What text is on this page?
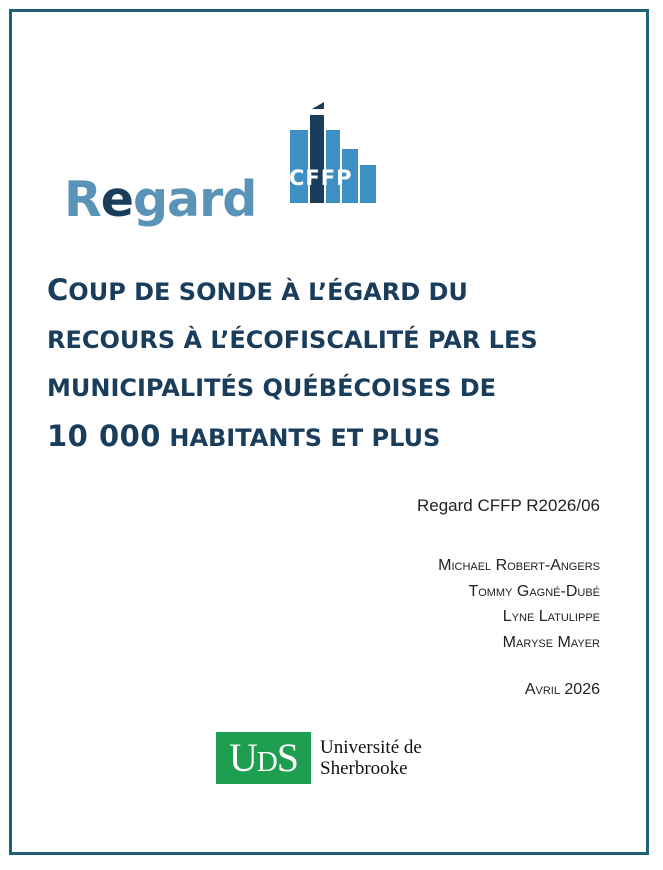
CFFP
Regard
COUP DE SONDE À L’ÉGARD DU
RECOURS À L’ÉCOFISCALITÉ PAR LES
MUNICIPALITÉS QUÉBÉCOISES DE
10 000 HABITANTS ET PLUS
Regard CFFP R2026/06
Michael Robert-Angers
Tommy Gagné-Dubé
Lyne Latulippe
Maryse Mayer
Avril 2026
UDS	Université de
Sherbrooke
